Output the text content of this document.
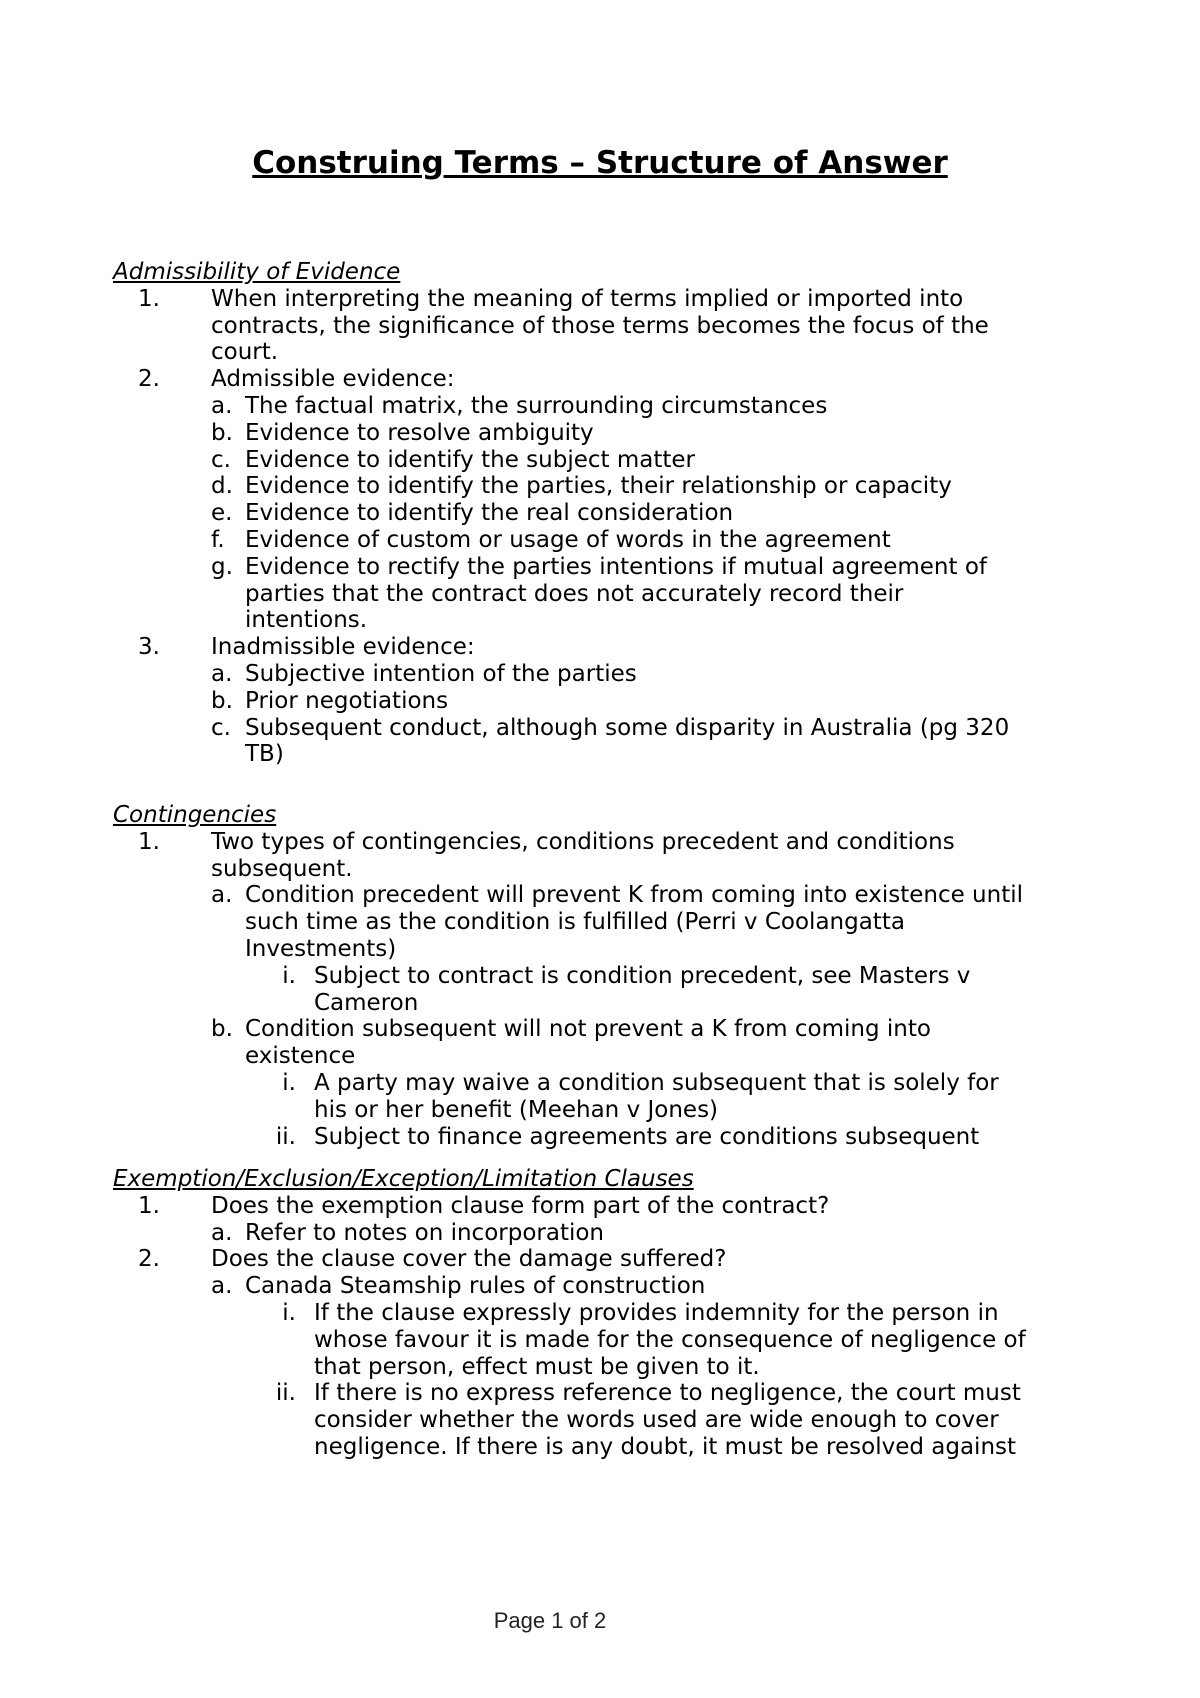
Construing Terms – Structure of Answer
Admissibility of Evidence
1. When interpreting the meaning of terms implied or imported into
contracts, the significance of those terms becomes the focus of the
court.
2. Admissible evidence:
a. The factual matrix, the surrounding circumstances
b. Evidence to resolve ambiguity
c. Evidence to identify the subject matter
d. Evidence to identify the parties, their relationship or capacity
e. Evidence to identify the real consideration
f. Evidence of custom or usage of words in the agreement
g. Evidence to rectify the parties intentions if mutual agreement of
parties that the contract does not accurately record their
intentions.
3. Inadmissible evidence:
a. Subjective intention of the parties
b. Prior negotiations
c. Subsequent conduct, although some disparity in Australia (pg 320
TB)
Contingencies
1. Two types of contingencies, conditions precedent and conditions
subsequent.
a. Condition precedent will prevent K from coming into existence until
such time as the condition is fulfilled (Perri v Coolangatta
Investments)
i. Subject to contract is condition precedent, see Masters v
Cameron
b. Condition subsequent will not prevent a K from coming into
existence
i. A party may waive a condition subsequent that is solely for
his or her benefit (Meehan v Jones)
ii. Subject to finance agreements are conditions subsequent
Exemption/Exclusion/Exception/Limitation Clauses
1. Does the exemption clause form part of the contract?
a. Refer to notes on incorporation
2. Does the clause cover the damage suffered?
a. Canada Steamship rules of construction
i. If the clause expressly provides indemnity for the person in
whose favour it is made for the consequence of negligence of
that person, effect must be given to it.
ii. If there is no express reference to negligence, the court must
consider whether the words used are wide enough to cover
negligence. If there is any doubt, it must be resolved against
Page 1 of 2
